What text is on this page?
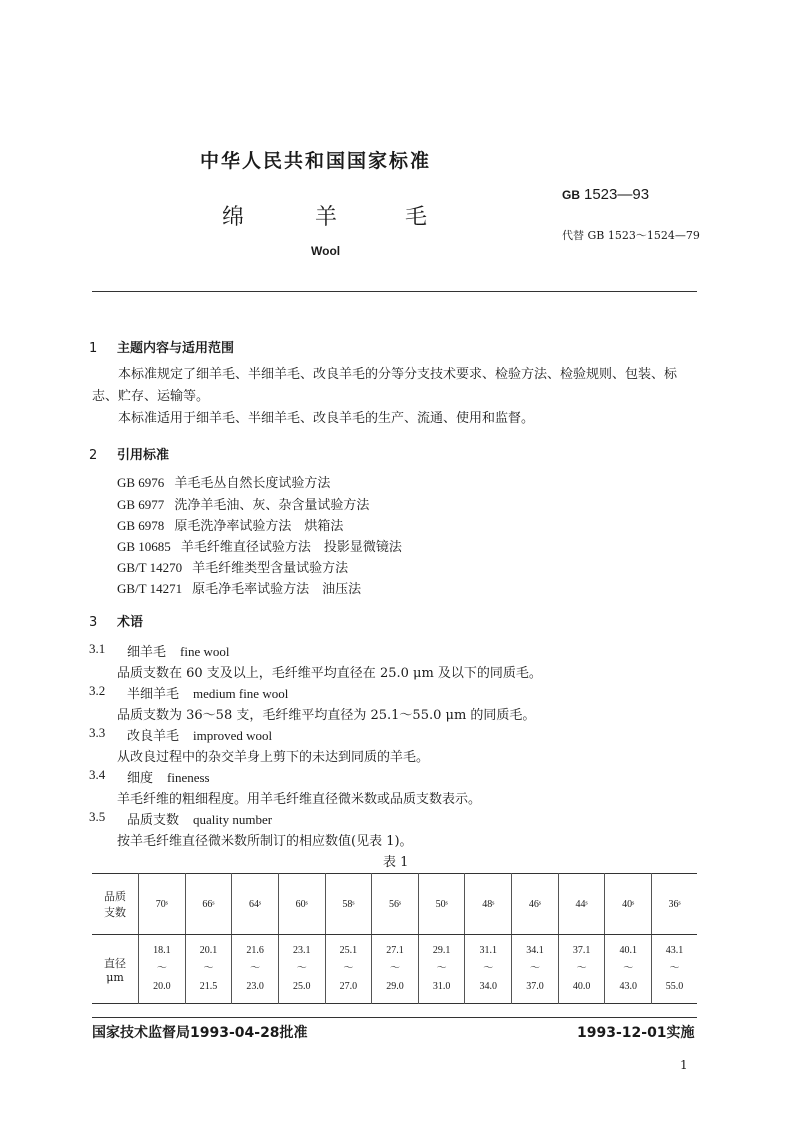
中华人民共和国国家标准
绵	羊	毛
Wool
GB 1523—93
代替 GB 1523～1524—79
1 主题内容与适用范围
本标准规定了细羊毛、半细羊毛、改良羊毛的分等分支技术要求、检验方法、检验规则、包装、标志、贮存、运输等。
本标准适用于细羊毛、半细羊毛、改良羊毛的生产、流通、使用和监督。
2 引用标准
GB 6976 羊毛毛丛自然长度试验方法
GB 6977 洗净羊毛油、灰、杂含量试验方法
GB 6978 原毛洗净率试验方法　烘箱法
GB 10685 羊毛纤维直径试验方法　投影显微镜法
GB/T 14270 羊毛纤维类型含量试验方法
GB/T 14271 原毛净毛率试验方法　油压法
3 术语
3.1 细羊毛 fine wool
品质支数在 60 支及以上，毛纤维平均直径在 25.0 μm 及以下的同质毛。
3.2 半细羊毛 medium fine wool
品质支数为 36～58 支，毛纤维平均直径为 25.1～55.0 μm 的同质毛。
3.3 改良羊毛 improved wool
从改良过程中的杂交羊身上剪下的未达到同质的羊毛。
3.4 细度 fineness
羊毛纤维的粗细程度。用羊毛纤维直径微米数或品质支数表示。
3.5 品质支数 quality number
按羊毛纤维直径微米数所制订的相应数值(见表 1)。
表 1
品质
支数	70ˢ	66ˢ	64ˢ	60ˢ	58ˢ	56ˢ	50ˢ	48ˢ	46ˢ	44ˢ	40ˢ	36ˢ
直径
μm	18.1
～
20.0	20.1
～
21.5	21.6
～
23.0	23.1
～
25.0	25.1
～
27.0	27.1
～
29.0	29.1
～
31.0	31.1
～
34.0	34.1
～
37.0	37.1
～
40.0	40.1
～
43.0	43.1
～
55.0
国家技术监督局1993-04-28批准	1993-12-01实施
1
